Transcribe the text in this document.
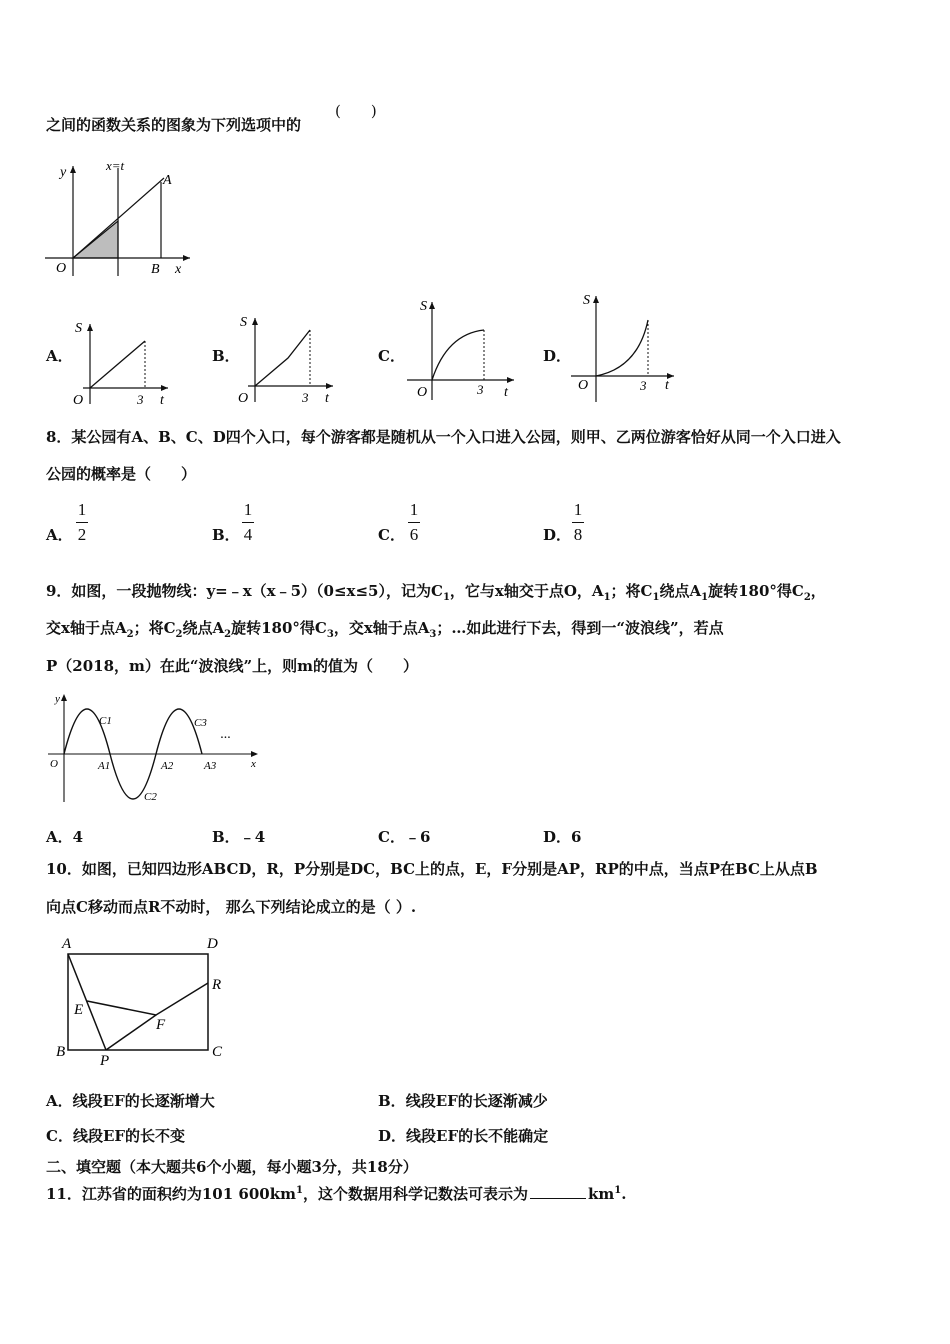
之间的函数关系的图象为下列选项中的
(　　)
y	x=t
A
O	B x
A．	B．	C．	D．
S
O	3 t
S
O	3 t
S
O	3 t
S
O	3 t
8．某公园有A、B、C、D四个入口，每个游客都是随机从一个入口进入公园，则甲、乙两位游客恰好从同一个入口进入
公园的概率是（　　）
A．
1
2	B．
1
4	C．
1
6	D．
1
8
9．如图，一段抛物线：y=﹣x（x﹣5）（0≤x≤5），记为$C_1$，它与x轴交于点O，$A_1$；将$C_1$绕点$A_1$旋转180°得$C_2$，
交x轴于点$A_2$；将$C_2$绕点$A_2$旋转180°得$C_3$，交x轴于点$A_3$；…如此进行下去，得到一“波浪线”，若点
P（2018，m）在此“波浪线”上，则m的值为（　　）
y
O	A1	A2	A3	x
C1
C2
C3
···
A．4	B．﹣4	C．﹣6	D．6
10．如图，已知四边形ABCD，R，P分别是DC，BC上的点，E，F分别是AP，RP的中点，当点P在BC上从点B
向点C移动而点R不动时， 那么下列结论成立的是（ ）.
A	D
R
E
F
B	C
P
A．线段EF的长逐渐增大	B．线段EF的长逐渐减少
C．线段EF的长不变	D．线段EF的长不能确定
二、填空题（本大题共6个小题，每小题3分，共18分）
11．江苏省的面积约为101 $600km^1$，这个数据用科学记数法可表示为	$km^1$.
